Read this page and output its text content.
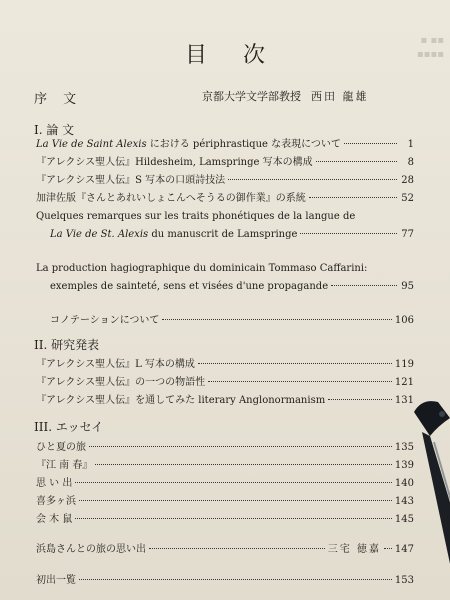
▪ ▪▪
▪▪▪▪
目 次
序 文	京都大学文学部教授 西田 龍雄
I. 論 文
La Vie de Saint Alexis における périphrastique な表現について	1
『アレクシス聖人伝』Hildesheim, Lamspringe 写本の構成	8
『アレクシス聖人伝』S 写本の口頭詩技法	28
加津佐版『さんとあれいしょこんへそうるの御作業』の系統	52
Quelques remarques sur les traits phonétiques de la langue de
La Vie de St. Alexis du manuscrit de Lamspringe	77
La production hagiographique du dominicain Tommaso Caffarini:
exemples de sainteté, sens et visées d'une propagande	95
コノテーションについて	106
II. 研究発表
『アレクシス聖人伝』L 写本の構成	119
『アレクシス聖人伝』の一つの物語性	121
『アレクシス聖人伝』を通してみた literary Anglonormanism	131
III. エッセイ
ひと夏の旅	135
『江 南 春』	139
思 い 出	140
喜多ヶ浜	143
会 木 鼠	145
浜島さんとの旅の思い出	三宅 徳嘉 147
初出一覧	153
